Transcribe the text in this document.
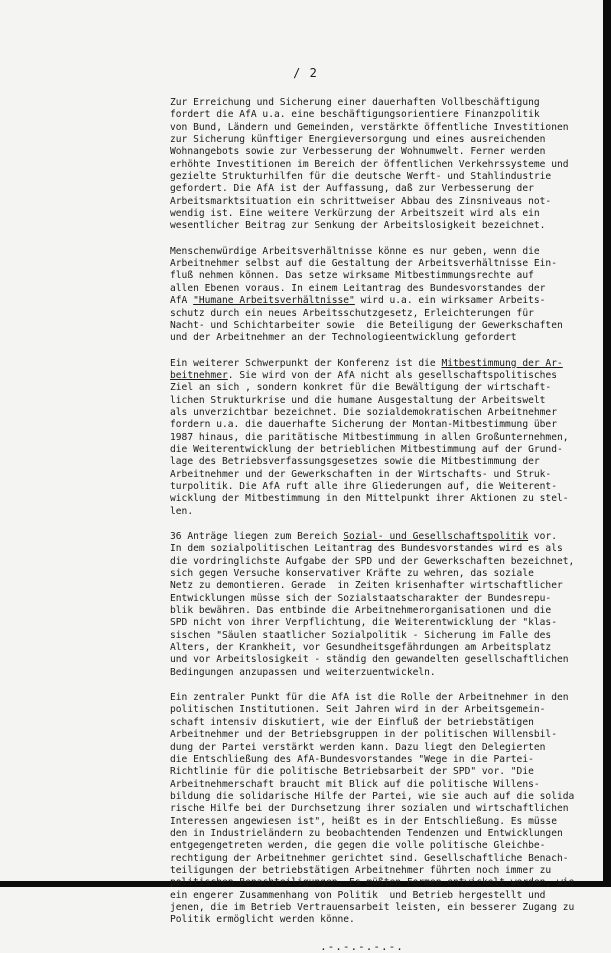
/ 2
Zur Erreichung und Sicherung einer dauerhaften Vollbeschäftigung
fordert die AfA u.a. eine beschäftigungsorientiere Finanzpolitik
von Bund, Ländern und Gemeinden, verstärkte öffentliche Investitionen
zur Sicherung künftiger Energieversorgung und eines ausreichenden
Wohnangebots sowie zur Verbesserung der Wohnumwelt. Ferner werden
erhöhte Investitionen im Bereich der öffentlichen Verkehrssysteme und
gezielte Strukturhilfen für die deutsche Werft- und Stahlindustrie
gefordert. Die AfA ist der Auffassung, daß zur Verbesserung der
Arbeitsmarktsituation ein schrittweiser Abbau des Zinsniveaus not-
wendig ist. Eine weitere Verkürzung der Arbeitszeit wird als ein
wesentlicher Beitrag zur Senkung der Arbeitslosigkeit bezeichnet.
Menschenwürdige Arbeitsverhältnisse könne es nur geben, wenn die
Arbeitnehmer selbst auf die Gestaltung der Arbeitsverhältnisse Ein-
fluß nehmen können. Das setze wirksame Mitbestimmungsrechte auf
allen Ebenen voraus. In einem Leitantrag des Bundesvorstandes der
AfA "Humane Arbeitsverhältnisse" wird u.a. ein wirksamer Arbeits-
schutz durch ein neues Arbeitsschutzgesetz, Erleichterungen für
Nacht- und Schichtarbeiter sowie  die Beteiligung der Gewerkschaften
und der Arbeitnehmer an der Technologieentwicklung gefordert
Ein weiterer Schwerpunkt der Konferenz ist die Mitbestimmung der Ar-
beitnehmer. Sie wird von der AfA nicht als gesellschaftspolitisches
Ziel an sich , sondern konkret für die Bewältigung der wirtschaft-
lichen Strukturkrise und die humane Ausgestaltung der Arbeitswelt
als unverzichtbar bezeichnet. Die sozialdemokratischen Arbeitnehmer
fordern u.a. die dauerhafte Sicherung der Montan-Mitbestimmung über
1987 hinaus, die paritätische Mitbestimmung in allen Großunternehmen,
die Weiterentwicklung der betrieblichen Mitbestimmung auf der Grund-
lage des Betriebsverfassungsgesetzes sowie die Mitbestimmung der
Arbeitnehmer und der Gewerkschaften in der Wirtschafts- und Struk-
turpolitik. Die AfA ruft alle ihre Gliederungen auf, die Weiterent-
wicklung der Mitbestimmung in den Mittelpunkt ihrer Aktionen zu stel-
len.
36 Anträge liegen zum Bereich Sozial- und Gesellschaftspolitik vor.
In dem sozialpolitischen Leitantrag des Bundesvorstandes wird es als
die vordringlichste Aufgabe der SPD und der Gewerkschaften bezeichnet,
sich gegen Versuche konservativer Kräfte zu wehren, das soziale
Netz zu demontieren. Gerade  in Zeiten krisenhafter wirtschaftlicher
Entwicklungen müsse sich der Sozialstaatscharakter der Bundesrepu-
blik bewähren. Das entbinde die Arbeitnehmerorganisationen und die
SPD nicht von ihrer Verpflichtung, die Weiterentwicklung der "klas-
sischen "Säulen staatlicher Sozialpolitik - Sicherung im Falle des
Alters, der Krankheit, vor Gesundheitsgefährdungen am Arbeitsplatz
und vor Arbeitslosigkeit - ständig den gewandelten gesellschaftlichen
Bedingungen anzupassen und weiterzuentwickeln.
Ein zentraler Punkt für die AfA ist die Rolle der Arbeitnehmer in den
politischen Institutionen. Seit Jahren wird in der Arbeitsgemein-
schaft intensiv diskutiert, wie der Einfluß der betriebstätigen
Arbeitnehmer und der Betriebsgruppen in der politischen Willensbil-
dung der Partei verstärkt werden kann. Dazu liegt den Delegierten
die Entschließung des AfA-Bundesvorstandes "Wege in die Partei-
Richtlinie für die politische Betriebsarbeit der SPD" vor. "Die
Arbeitnehmerschaft braucht mit Blick auf die politische Willens-
bildung die solidarische Hilfe der Partei, wie sie auch auf die solida
rische Hilfe bei der Durchsetzung ihrer sozialen und wirtschaftlichen
Interessen angewiesen ist", heißt es in der Entschließung. Es müsse
den in Industrieländern zu beobachtenden Tendenzen und Entwicklungen
entgegengetreten werden, die gegen die volle politische Gleichbe-
rechtigung der Arbeitnehmer gerichtet sind. Gesellschaftliche Benach-
teiligungen der betriebstätigen Arbeitnehmer führten noch immer zu
politischen Benachteiligungen. Es müßten Formen entwickelt werden, wie
ein engerer Zusammenhang von Politik  und Betrieb hergestellt und
jenen, die im Betrieb Vertrauensarbeit leisten, ein besserer Zugang zu
Politik ermöglicht werden könne.
.-.-.-.-.-.
